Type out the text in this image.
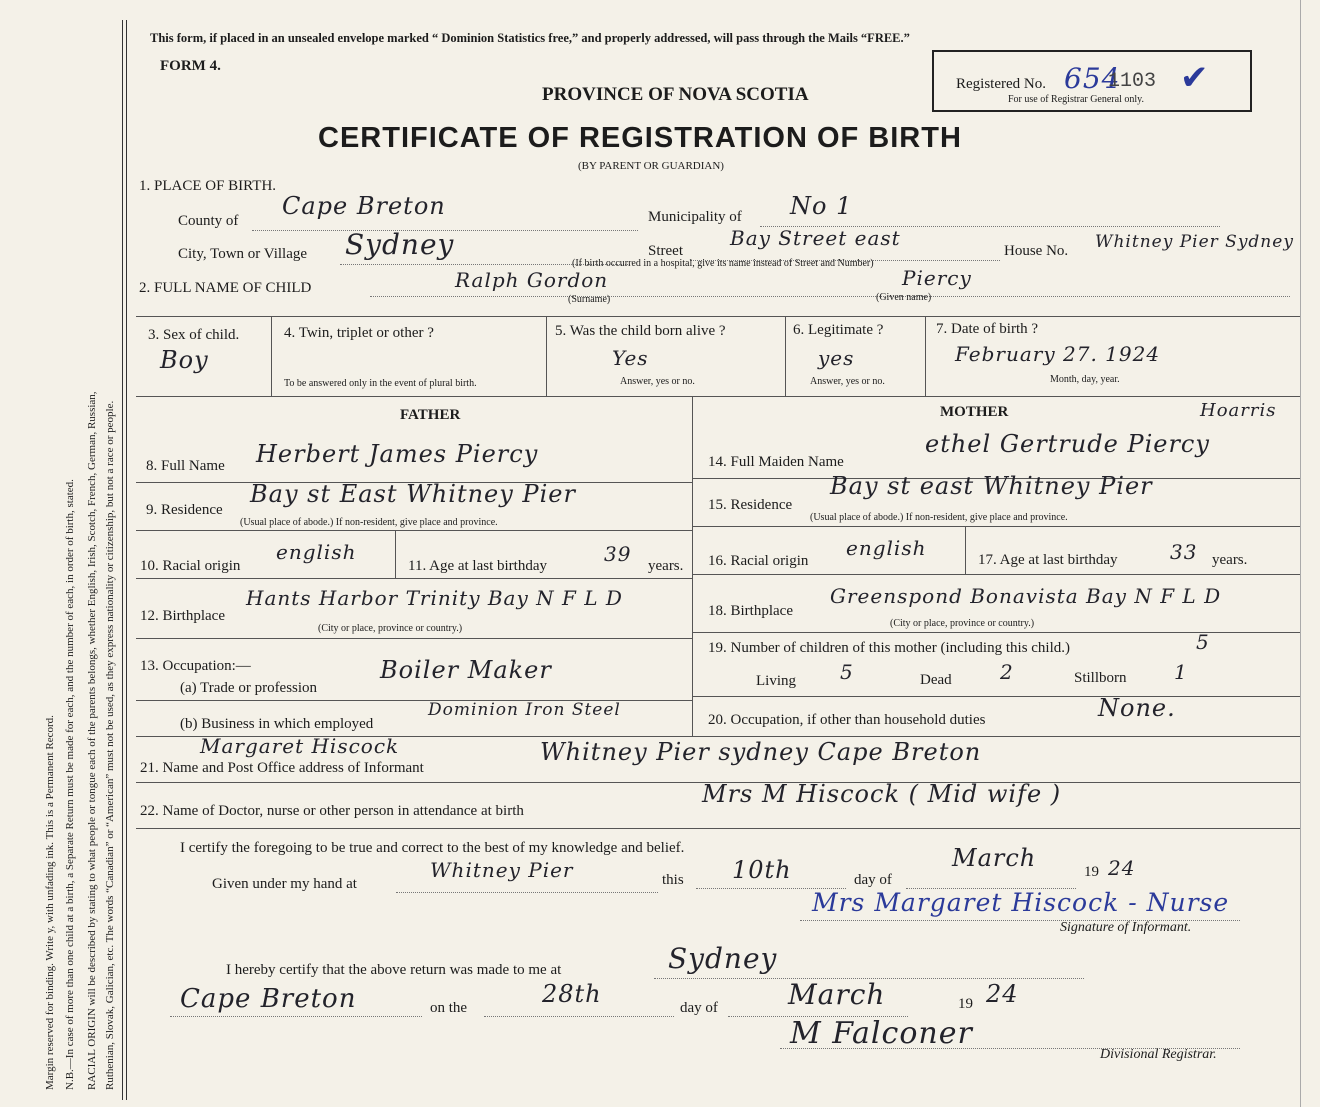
Margin reserved for binding. Write y, with unfading ink. This is a Permanent Record. N.B.—In case of more than one child at a birth, a Separate Return must be made for each, and the number of each, in order of birth, stated. RACIAL ORIGIN will be described by stating to what people or tongue each of the parents belongs, whether English, Irish, Scotch, French, German, Russian, Ruthenian, Slovak, Galician, etc. The words “Canadian” or “American” must not be used, as they express nationality or citizenship, but not a race or people.
This form, if placed in an unsealed envelope marked “ Dominion Statistics free,” and properly addressed, will pass through the Mails “FREE.”
FORM 4.
PROVINCE OF NOVA SCOTIA
CERTIFICATE OF REGISTRATION OF BIRTH
(BY PARENT OR GUARDIAN)
Registered No. 654
1103 ✔
For use of Registrar General only.
1. PLACE OF BIRTH.
County of
Cape Breton	Municipality of No 1
City, Town or Village Sydney	Street
Bay Street east
House No. Whitney Pier Sydney
(If birth occurred in a hospital, give its name instead of Street and Number)
2. FULL NAME OF CHILD	Ralph Gordon
(Surname)
Piercy
(Given name)
3. Sex of child.
Boy
4. Twin, triplet or other ?
To be answered only in the event of plural birth.
5. Was the child born alive ?
Yes
Answer, yes or no.
6. Legitimate ?
yes
Answer, yes or no.
7. Date of birth ?
February 27. 1924
Month, day, year.
FATHER	MOTHER	Hoarris
8. Full Name Herbert James Piercy
9. Residence
Bay st East Whitney Pier
(Usual place of abode.) If non-resident, give place and province.
10. Racial origin
english
11. Age at last birthday	39 years.
12. Birthplace
Hants Harbor Trinity Bay N F L D
(City or place, province or country.)
13. Occupation:—
(a) Trade or profession
Boiler Maker
(b) Business in which employed
Dominion Iron Steel
14. Full Maiden Name
ethel Gertrude Piercy
15. Residence
Bay st east Whitney Pier
(Usual place of abode.) If non-resident, give place and province.
16. Racial origin
english	17. Age at last birthday	33 years.
18. Birthplace
Greenspond Bonavista Bay N F L D
(City or place, province or country.)
19. Number of children of this mother (including this child.)	5
Living 5	Dead 2	Stillborn 1
20. Occupation, if other than household duties	None.
Margaret Hiscock
21. Name and Post Office address of Informant
Whitney Pier sydney Cape Breton
22. Name of Doctor, nurse or other person in attendance at birth
Mrs M Hiscock ( Mid wife )
I certify the foregoing to be true and correct to the best of my knowledge and belief.
Given under my hand at
Whitney Pier	this 10th	day of
March	19 24
Mrs Margaret Hiscock - Nurse
Signature of Informant.
I hereby certify that the above return was made to me at	Sydney
Cape Breton	on the	28th	day of	March	19 24
M Falconer
Divisional Registrar.
